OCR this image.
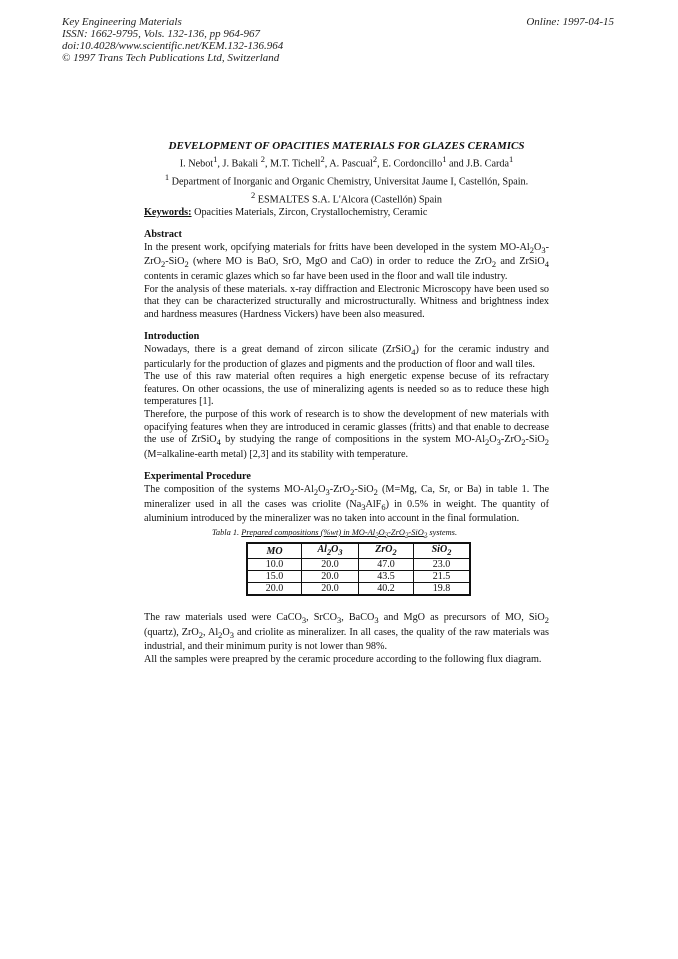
Key Engineering Materials
ISSN: 1662-9795, Vols. 132-136, pp 964-967
doi:10.4028/www.scientific.net/KEM.132-136.964
© 1997 Trans Tech Publications Ltd, Switzerland
Online: 1997-04-15
DEVELOPMENT OF OPACITIES MATERIALS FOR GLAZES CERAMICS
I. Nebot$^1$, J. Bakali $^2$, M.T. Tichell$^2$, A. Pascual$^2$, E. Cordoncillo$^1$ and J.B. Carda$^1$
$^1$ Department of Inorganic and Organic Chemistry, Universitat Jaume I, Castellón, Spain.
$^2$ ESMALTES S.A. L'Alcora (Castellón) Spain
Keywords: Opacities Materials, Zircon, Crystallochemistry, Ceramic
Abstract
In the present work, opcifying materials for fritts have been developed in the system $MO-Al_2O_3-ZrO_2-SiO_2$ (where MO is BaO, SrO, MgO and CaO) in order to reduce the ZrO$_2$ and ZrSiO$_4$ contents in ceramic glazes which so far have been used in the floor and wall tile industry.
For the analysis of these materials. x-ray diffraction and Electronic Microscopy have been used so that they can be characterized structurally and microstructurally. Whitness and brightness index and hardness measures (Hardness Vickers) have been also measured.
Introduction
Nowadays, there is a great demand of zircon silicate (ZrSiO$_4$) for the ceramic industry and particularly for the production of glazes and pigments and the production of floor and wall tiles.
The use of this raw material often requires a high energetic expense becuse of its refractary features. On other ocassions, the use of mineralizing agents is needed so as to reduce these high temperatures [1].
Therefore, the purpose of this work of research is to show the development of new materials with opacifying features when they are introduced in ceramic glasses (fritts) and that enable to decrease the use of ZrSiO$_4$ by studying the range of compositions in the system $MO-Al_2O_3-ZrO_2-SiO_2$ (M=alkaline-earth metal) [2,3] and its stability with temperature.
Experimental Procedure
The composition of the systems $MO-Al_2O_3-ZrO_2-SiO_2$ (M=Mg, Ca, Sr, or Ba) in table 1. The mineralizer used in all the cases was criolite $(Na_3AlF_6)$ in 0.5% in weight. The quantity of aluminium introduced by the mineralizer was no taken into account in the final formulation.
Tabla 1. Prepared compositions (%wt) in $MO-Al_2O_3-ZrO_2-SiO_2$ systems.
MO	$Al_2O_3$	ZrO$_2$	SiO$_2$
10.0	20.0	47.0	23.0
15.0	20.0	43.5	21.5
20.0	20.0	40.2	19.8
The raw materials used were CaCO$_3$, SrCO$_3$, BaCO$_3$ and MgO as precursors of MO, SiO$_2$ (quartz), ZrO$_2$, $Al_2O_3$ and criolite as mineralizer. In all cases, the quality of the raw materials was industrial, and their minimum purity is not lower than 98%.
All the samples were preapred by the ceramic procedure according to the following flux diagram.
